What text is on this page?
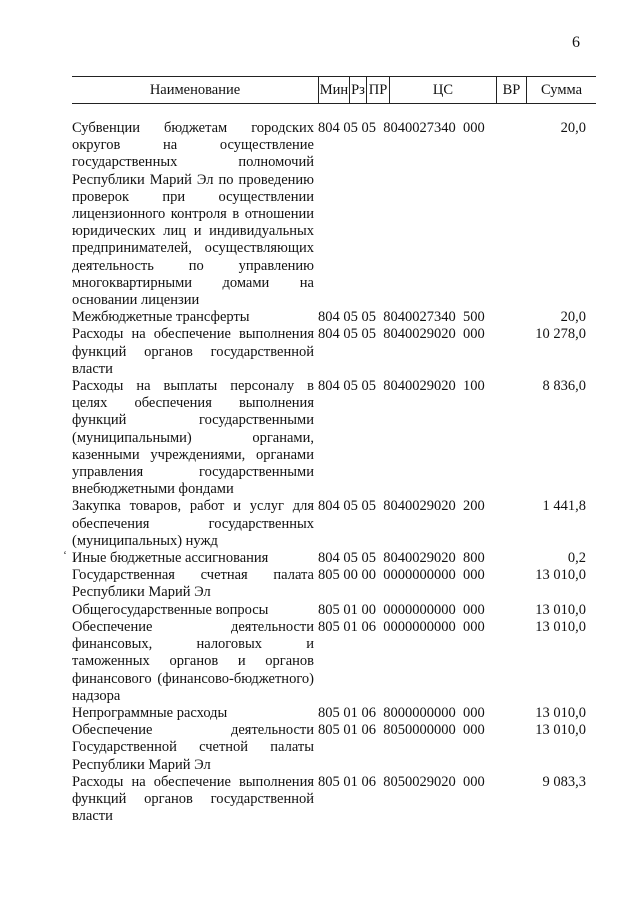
6
ʻ
Наименование	Мин Рз ПР	ЦС	ВР	Сумма
Субвенции бюджетам городских округов на осуществление государственных полномочий Республики Марий Эл по проведению проверок при осуществлении лицензионного контроля в отношении юридических лиц и индивидуальных предпринимателей, осуществляющих деятельность по управлению многоквартирными домами на основании лицензии
804 05 05  8040027340  000	20,0
Межбюджетные трансферты	804 05 05  8040027340  500	20,0
Расходы на обеспечение выполнения функций органов государственной власти
804 05 05  8040029020  000	10 278,0
Расходы на выплаты персоналу в целях обеспечения выполнения функций государственными (муниципальными) органами, казенными учреждениями, органами управления государственными внебюджетными фондами
804 05 05  8040029020  100	8 836,0
Закупка товаров, работ и услуг для обеспечения государственных (муниципальных) нужд
804 05 05  8040029020  200	1 441,8
Иные бюджетные ассигнования	804 05 05  8040029020  800	0,2
Государственная счетная палата Республики Марий Эл
805 00 00  0000000000  000	13 010,0
Общегосударственные вопросы	805 01 00  0000000000  000	13 010,0
Обеспечение деятельности финансовых, налоговых и таможенных органов и органов финансового (финансово-бюджетного) надзора
805 01 06  0000000000  000	13 010,0
Непрограммные расходы	805 01 06  8000000000  000	13 010,0
Обеспечение деятельности Государственной счетной палаты Республики Марий Эл
805 01 06  8050000000  000	13 010,0
Расходы на обеспечение выполнения функций органов государственной власти
805 01 06  8050029020  000	9 083,3
